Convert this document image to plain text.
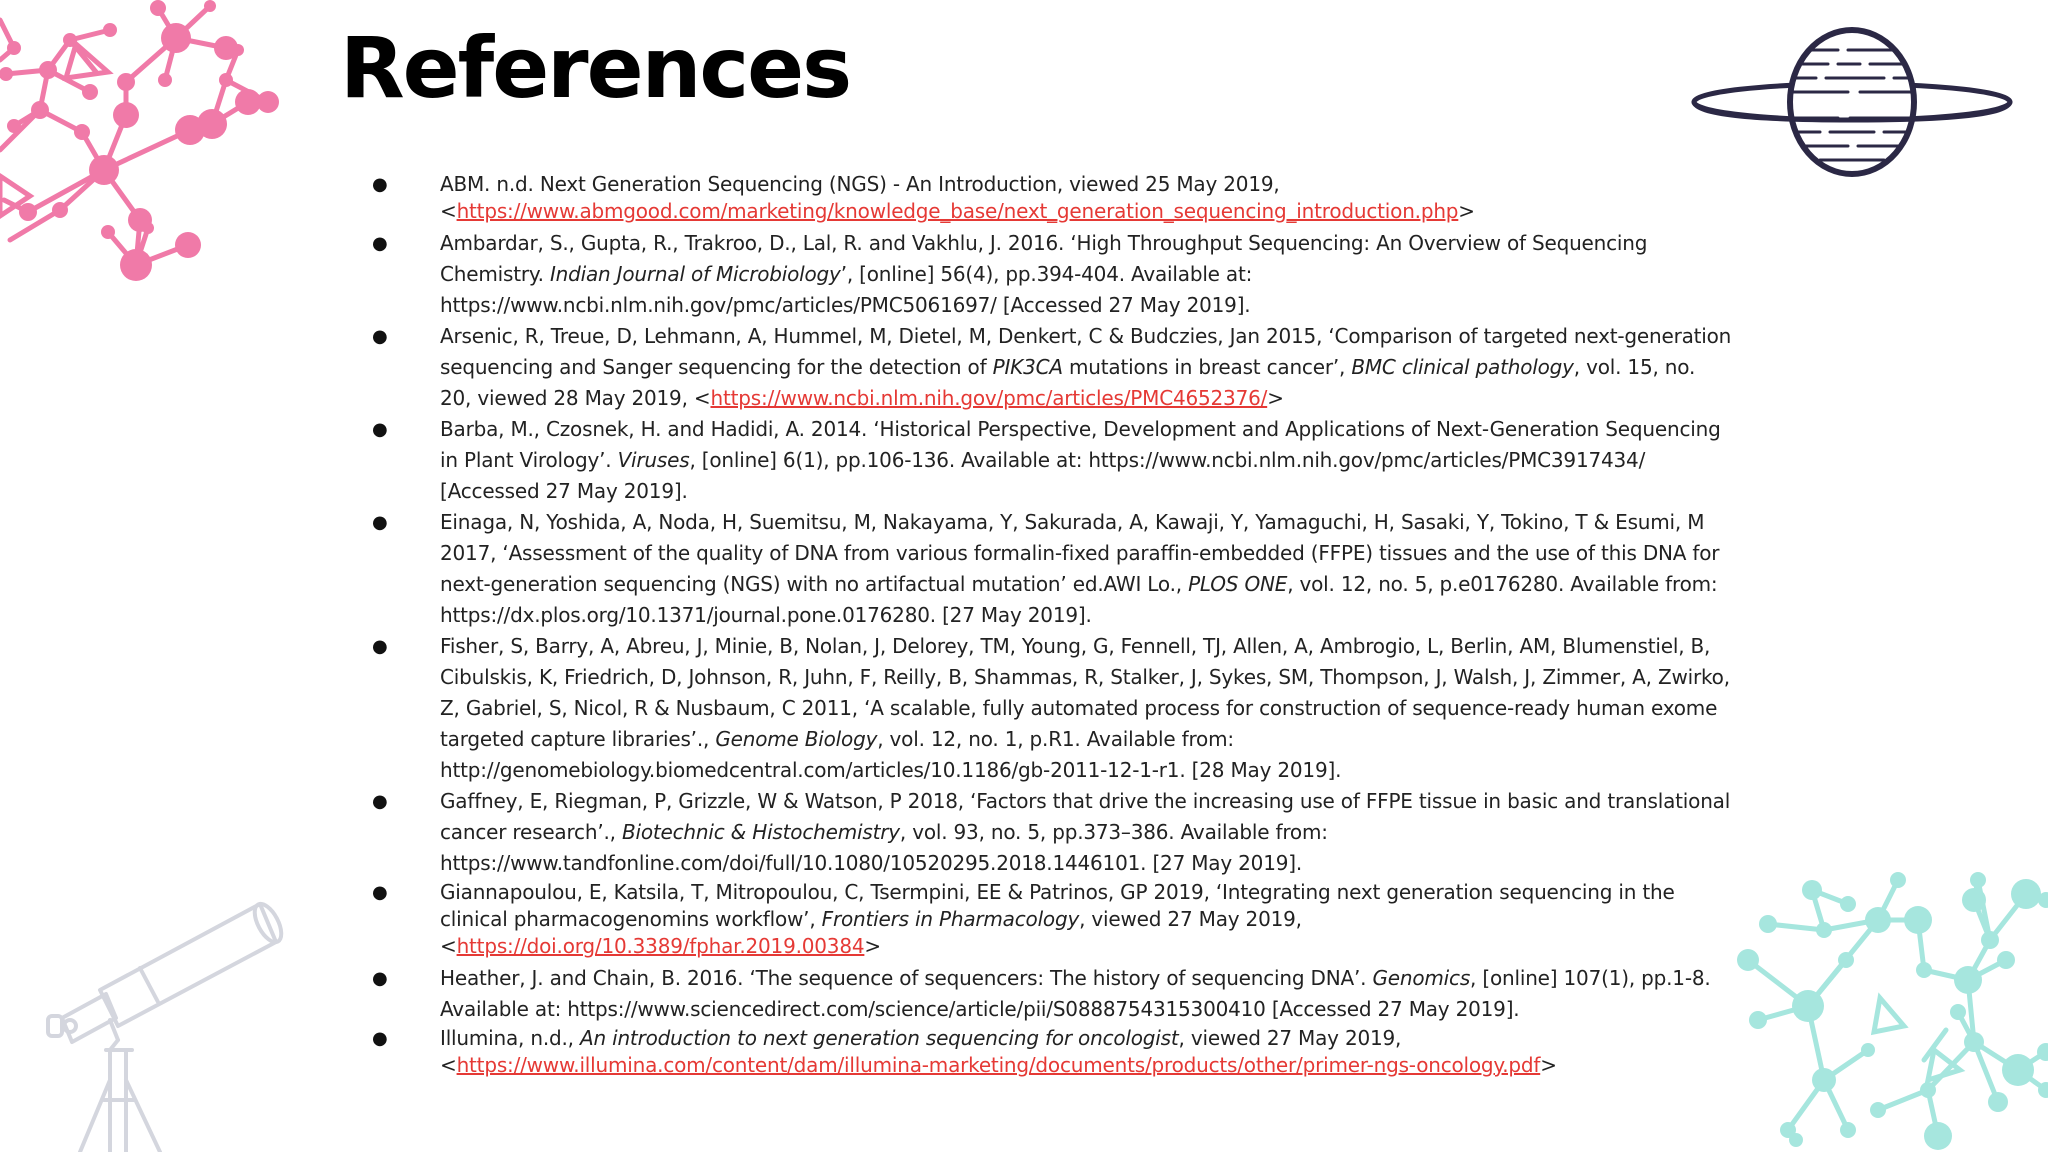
References
●	ABM. n.d. Next Generation Sequencing (NGS) - An Introduction, viewed 25 May 2019,
<https://www.abmgood.com/marketing/knowledge_base/next_generation_sequencing_introduction.php>
●	Ambardar, S., Gupta, R., Trakroo, D., Lal, R. and Vakhlu, J. 2016. ‘High Throughput Sequencing: An Overview of Sequencing Chemistry. Indian Journal of Microbiology’, [online] 56(4), pp.394-404. Available at: https://www.ncbi.nlm.nih.gov/pmc/articles/PMC5061697/ [Accessed 27 May 2019].
●	Arsenic, R, Treue, D, Lehmann, A, Hummel, M, Dietel, M, Denkert, C & Budczies, Jan 2015, ‘Comparison of targeted next-generation sequencing and Sanger sequencing for the detection of PIK3CA mutations in breast cancer’, BMC clinical pathology, vol. 15, no. 20, viewed 28 May 2019, <https://www.ncbi.nlm.nih.gov/pmc/articles/PMC4652376/>
●	Barba, M., Czosnek, H. and Hadidi, A. 2014. ‘Historical Perspective, Development and Applications of Next-Generation Sequencing in Plant Virology’. Viruses, [online] 6(1), pp.106-136. Available at: https://www.ncbi.nlm.nih.gov/pmc/articles/PMC3917434/ [Accessed 27 May 2019].
●	Einaga, N, Yoshida, A, Noda, H, Suemitsu, M, Nakayama, Y, Sakurada, A, Kawaji, Y, Yamaguchi, H, Sasaki, Y, Tokino, T & Esumi, M 2017, ‘Assessment of the quality of DNA from various formalin-fixed paraffin-embedded (FFPE) tissues and the use of this DNA for next-generation sequencing (NGS) with no artifactual mutation’ ed.AWI Lo., PLOS ONE, vol. 12, no. 5, p.e0176280. Available from: https://dx.plos.org/10.1371/journal.pone.0176280. [27 May 2019].
●	Fisher, S, Barry, A, Abreu, J, Minie, B, Nolan, J, Delorey, TM, Young, G, Fennell, TJ, Allen, A, Ambrogio, L, Berlin, AM, Blumenstiel, B, Cibulskis, K, Friedrich, D, Johnson, R, Juhn, F, Reilly, B, Shammas, R, Stalker, J, Sykes, SM, Thompson, J, Walsh, J, Zimmer, A, Zwirko, Z, Gabriel, S, Nicol, R & Nusbaum, C 2011, ‘A scalable, fully automated process for construction of sequence-ready human exome targeted capture libraries’., Genome Biology, vol. 12, no. 1, p.R1. Available from: http://genomebiology.biomedcentral.com/articles/10.1186/gb-2011-12-1-r1. [28 May 2019].
●	Gaffney, E, Riegman, P, Grizzle, W & Watson, P 2018, ‘Factors that drive the increasing use of FFPE tissue in basic and translational cancer research’., Biotechnic & Histochemistry, vol. 93, no. 5, pp.373–386. Available from: https://www.tandfonline.com/doi/full/10.1080/10520295.2018.1446101. [27 May 2019].
●	Giannapoulou, E, Katsila, T, Mitropoulou, C, Tsermpini, EE & Patrinos, GP 2019, ‘Integrating next generation sequencing in the clinical pharmacogenomins workflow’, Frontiers in Pharmacology, viewed 27 May 2019,
<https://doi.org/10.3389/fphar.2019.00384>
●	Heather, J. and Chain, B. 2016. ‘The sequence of sequencers: The history of sequencing DNA’. Genomics, [online] 107(1), pp.1-8. Available at: https://www.sciencedirect.com/science/article/pii/S0888754315300410 [Accessed 27 May 2019].
●	Illumina, n.d., An introduction to next generation sequencing for oncologist, viewed 27 May 2019,
<https://www.illumina.com/content/dam/illumina-marketing/documents/products/other/primer-ngs-oncology.pdf>
